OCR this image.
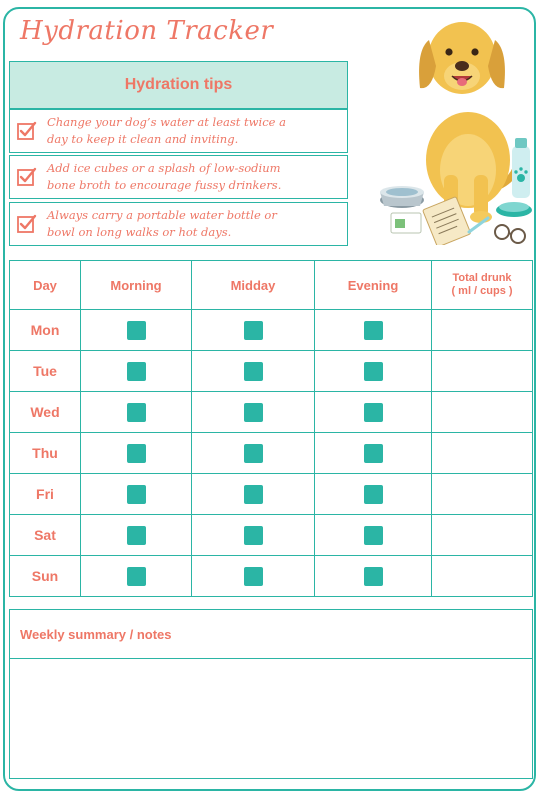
Hydration Tracker
Hydration tips
Change your dog’s water at least twice a
day to keep it clean and inviting.
Add ice cubes or a splash of low-sodium
bone broth to encourage fussy drinkers.
Always carry a portable water bottle or
bowl on long walks or hot days.
Day	Morning	Midday	Evening	Total drunk
( ml / cups )

Mon				
Tue				
Wed				
Thu				
Fri				
Sat				
Sun				
Weekly summary / notes
